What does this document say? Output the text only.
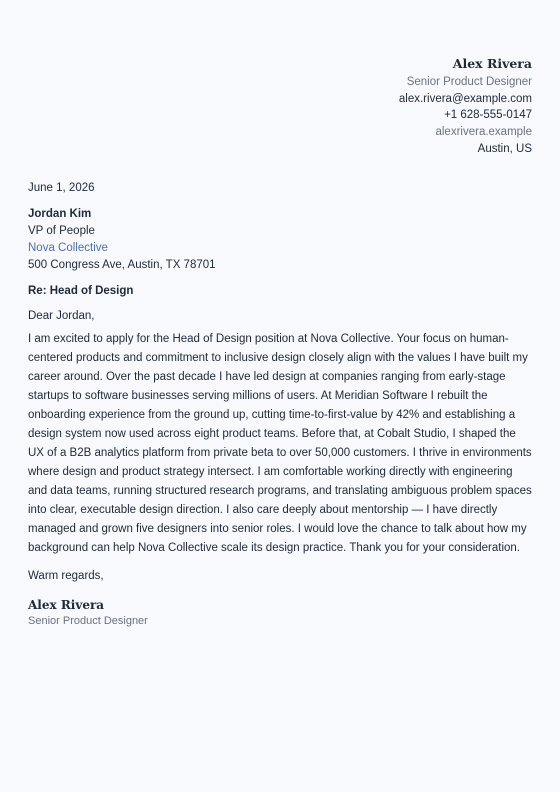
Alex Rivera
Senior Product Designer
alex.rivera@example.com
+1 628-555-0147
alexrivera.example
Austin, US
June 1, 2026
Jordan Kim
VP of People
Nova Collective
500 Congress Ave, Austin, TX 78701
Re: Head of Design
Dear Jordan,
I am excited to apply for the Head of Design position at Nova Collective. Your focus on human-centered products and commitment to inclusive design closely align with the values I have built my career around. Over the past decade I have led design at companies ranging from early-stage startups to software businesses serving millions of users. At Meridian Software I rebuilt the onboarding experience from the ground up, cutting time-to-first-value by 42% and establishing a design system now used across eight product teams. Before that, at Cobalt Studio, I shaped the UX of a B2B analytics platform from private beta to over 50,000 customers. I thrive in environments where design and product strategy intersect. I am comfortable working directly with engineering and data teams, running structured research programs, and translating ambiguous problem spaces into clear, executable design direction. I also care deeply about mentorship — I have directly managed and grown five designers into senior roles. I would love the chance to talk about how my background can help Nova Collective scale its design practice. Thank you for your consideration.
Warm regards,
Alex Rivera
Senior Product Designer
